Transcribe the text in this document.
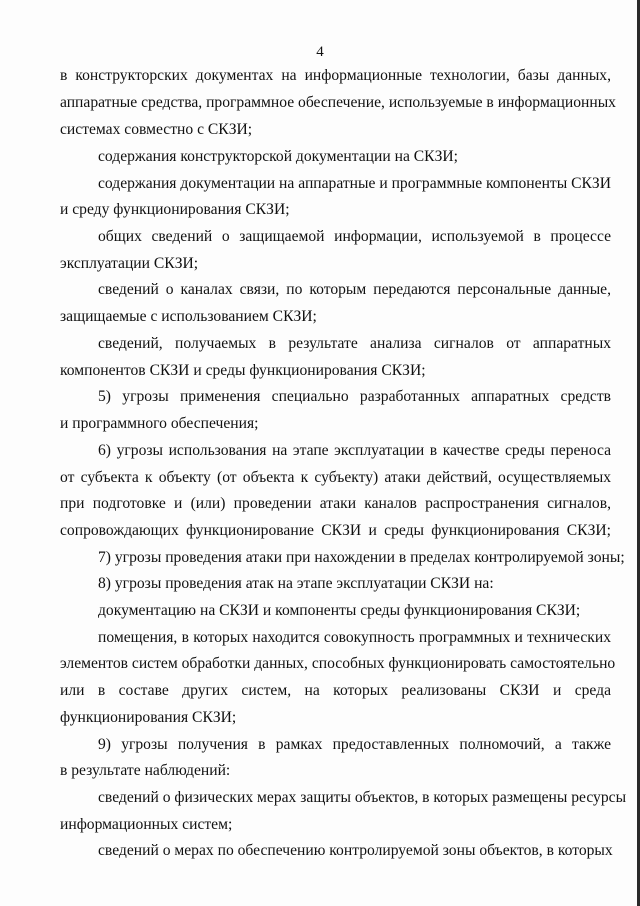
4
в конструкторских документах на информационные технологии, базы данных,
аппаратные средства, программное обеспечение, используемые в информационных
системах совместно с СКЗИ;
содержания конструкторской документации на СКЗИ;
содержания документации на аппаратные и программные компоненты СКЗИ
и среду функционирования СКЗИ;
общих сведений о защищаемой информации, используемой в процессе
эксплуатации СКЗИ;
сведений о каналах связи, по которым передаются персональные данные,
защищаемые с использованием СКЗИ;
сведений, получаемых в результате анализа сигналов от аппаратных
компонентов СКЗИ и среды функционирования СКЗИ;
5) угрозы применения специально разработанных аппаратных средств
и программного обеспечения;
6) угрозы использования на этапе эксплуатации в качестве среды переноса
от субъекта к объекту (от объекта к субъекту) атаки действий, осуществляемых
при подготовке и (или) проведении атаки каналов распространения сигналов,
сопровождающих функционирование СКЗИ и среды функционирования СКЗИ;
7) угрозы проведения атаки при нахождении в пределах контролируемой зоны;
8) угрозы проведения атак на этапе эксплуатации СКЗИ на:
документацию на СКЗИ и компоненты среды функционирования СКЗИ;
помещения, в которых находится совокупность программных и технических
элементов систем обработки данных, способных функционировать самостоятельно
или в составе других систем, на которых реализованы СКЗИ и среда
функционирования СКЗИ;
9) угрозы получения в рамках предоставленных полномочий, а также
в результате наблюдений:
сведений о физических мерах защиты объектов, в которых размещены ресурсы
информационных систем;
сведений о мерах по обеспечению контролируемой зоны объектов, в которых
